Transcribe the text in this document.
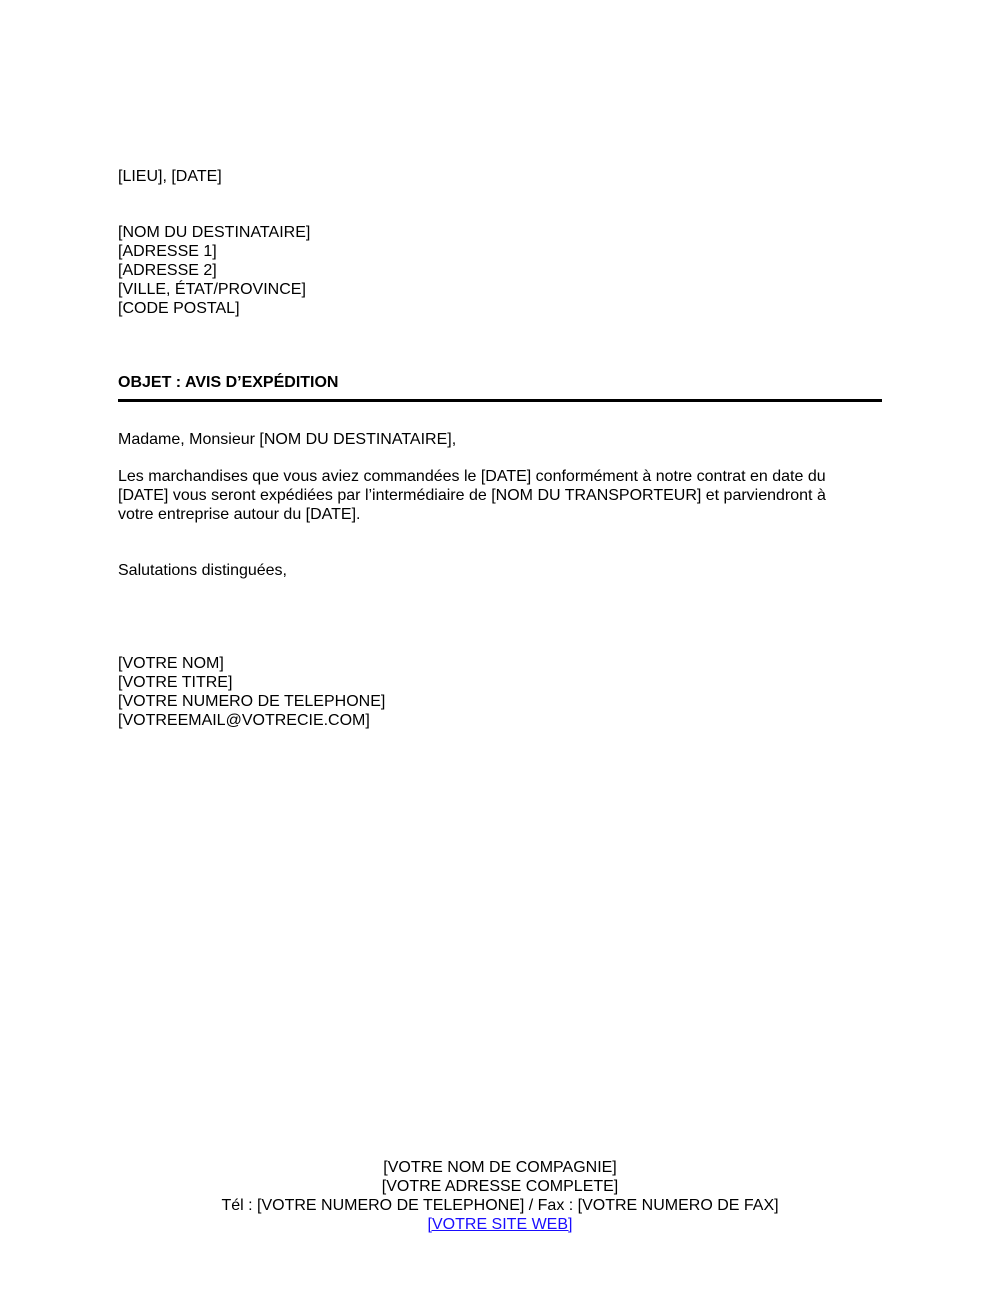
[LIEU], [DATE]
[NOM DU DESTINATAIRE]
[ADRESSE 1]
[ADRESSE 2]
[VILLE, ÉTAT/PROVINCE]
[CODE POSTAL]
OBJET : AVIS D’EXPÉDITION
Madame, Monsieur [NOM DU DESTINATAIRE],
Les marchandises que vous aviez commandées le [DATE] conformément à notre contrat en date du
[DATE] vous seront expédiées par l’intermédiaire de [NOM DU TRANSPORTEUR] et parviendront à
votre entreprise autour du [DATE].
Salutations distinguées,
[VOTRE NOM]
[VOTRE TITRE]
[VOTRE NUMERO DE TELEPHONE]
[VOTREEMAIL@VOTRECIE.COM]
[VOTRE NOM DE COMPAGNIE]
[VOTRE ADRESSE COMPLETE]
Tél : [VOTRE NUMERO DE TELEPHONE] / Fax : [VOTRE NUMERO DE FAX]
[VOTRE SITE WEB]
